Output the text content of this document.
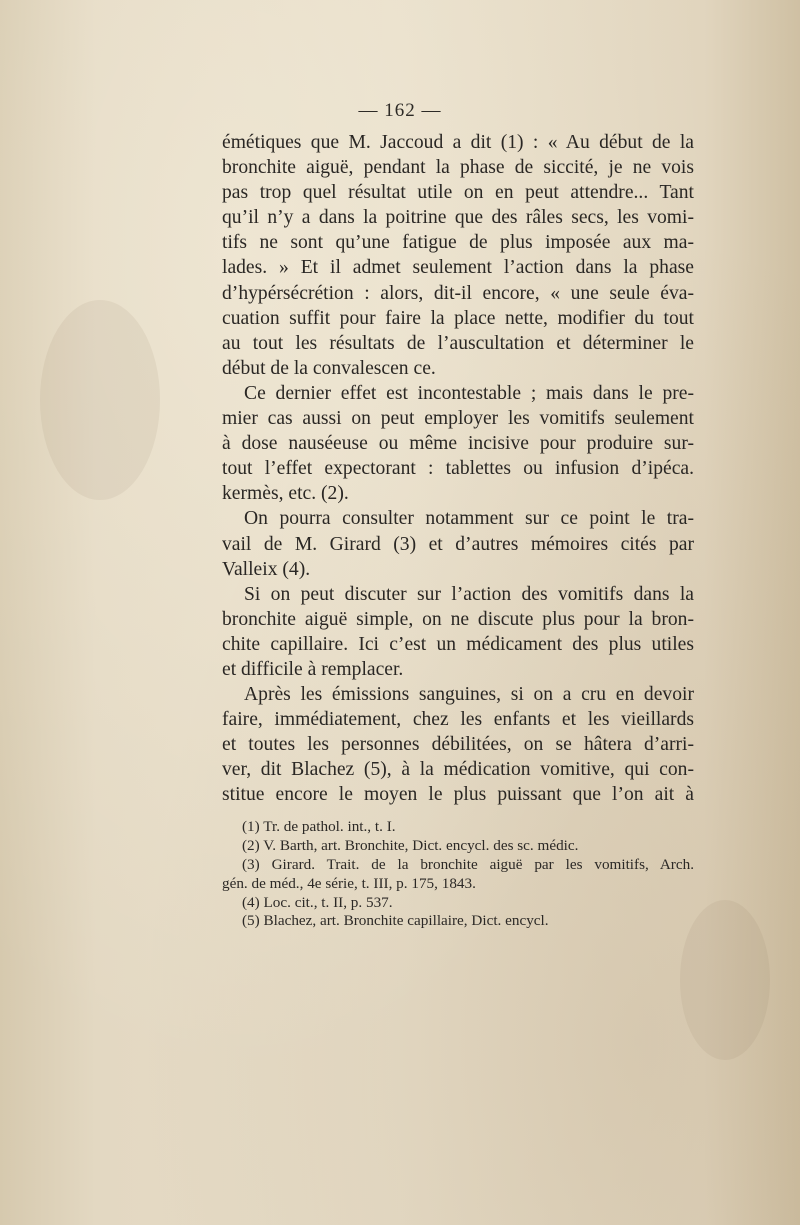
— 162 —
émétiques que M. Jaccoud a dit (1) : « Au début de la
bronchite aiguë, pendant la phase de siccité, je ne vois
pas trop quel résultat utile on en peut attendre... Tant
qu’il n’y a dans la poitrine que des râles secs, les vomi-
tifs ne sont qu’une fatigue de plus imposée aux ma-
lades. » Et il admet seulement l’action dans la phase
d’hypérsécrétion : alors, dit-il encore, « une seule éva-
cuation suffit pour faire la place nette, modifier du tout
au tout les résultats de l’auscultation et déterminer le
début de la convalescen ce.
Ce dernier effet est incontestable ; mais dans le pre-
mier cas aussi on peut employer les vomitifs seulement
à dose nauséeuse ou même incisive pour produire sur-
tout l’effet expectorant : tablettes ou infusion d’ipéca.
kermès, etc. (2).
On pourra consulter notamment sur ce point le tra-
vail de M. Girard (3) et d’autres mémoires cités par
Valleix (4).
Si on peut discuter sur l’action des vomitifs dans la
bronchite aiguë simple, on ne discute plus pour la bron-
chite capillaire. Ici c’est un médicament des plus utiles
et difficile à remplacer.
Après les émissions sanguines, si on a cru en devoir
faire, immédiatement, chez les enfants et les vieillards
et toutes les personnes débilitées, on se hâtera d’arri-
ver, dit Blachez (5), à la médication vomitive, qui con-
stitue encore le moyen le plus puissant que l’on ait à
(1) Tr. de pathol. int., t. I.
(2) V. Barth, art. Bronchite, Dict. encycl. des sc. médic.
(3) Girard. Trait. de la bronchite aiguë par les vomitifs, Arch.
gén. de méd., 4e série, t. III, p. 175, 1843.
(4) Loc. cit., t. II, p. 537.
(5) Blachez, art. Bronchite capillaire, Dict. encycl.
